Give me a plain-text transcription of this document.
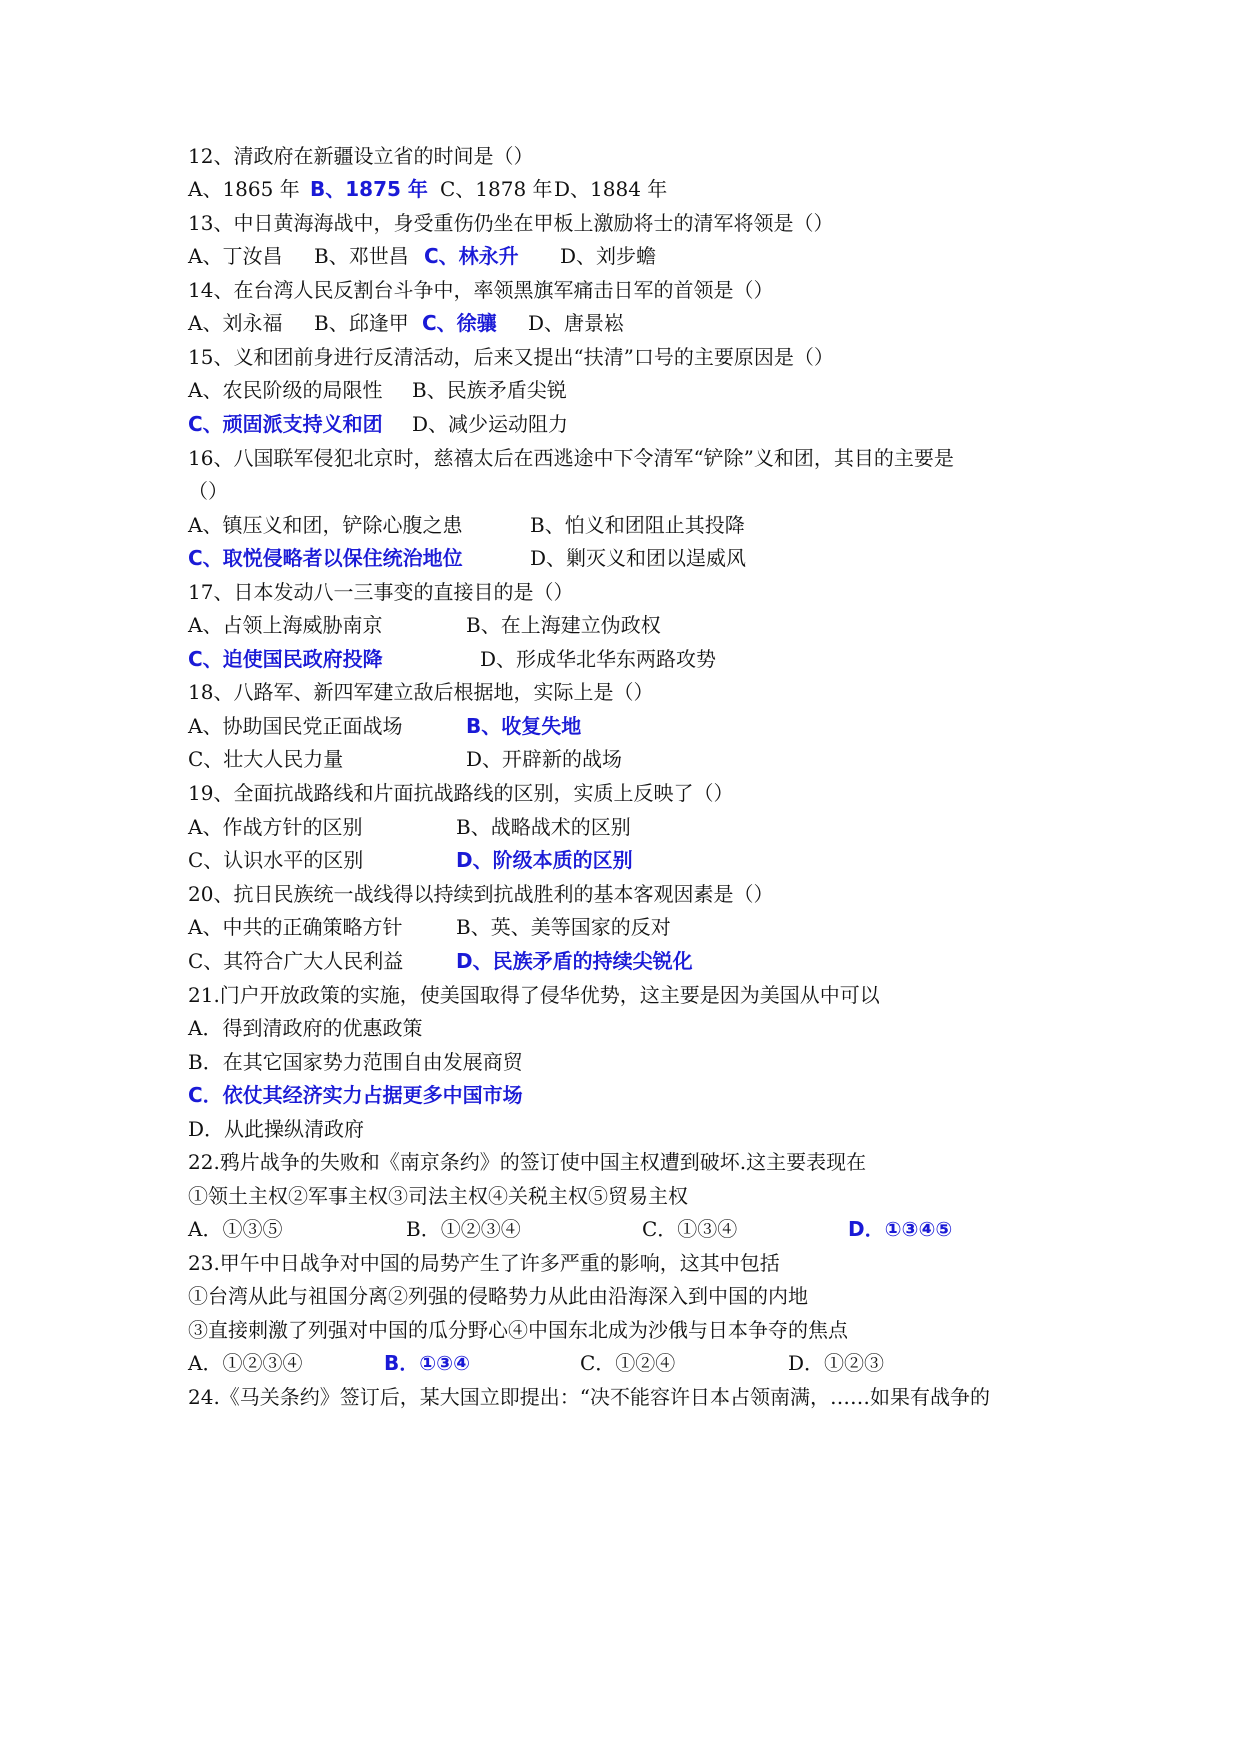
12、清政府在新疆设立省的时间是（）
A、1865 年 B、1875 年 C、1878 年 D、1884 年
13、中日黄海海战中，身受重伤仍坐在甲板上激励将士的清军将领是（）
A、丁汝昌 B、邓世昌 C、林永升 D、刘步蟾
14、在台湾人民反割台斗争中，率领黑旗军痛击日军的首领是（）
A、刘永福 B、邱逢甲 C、徐骧 D、唐景崧
15、义和团前身进行反清活动，后来又提出“扶清”口号的主要原因是（）
A、农民阶级的局限性 B、民族矛盾尖锐
C、顽固派支持义和团 D、减少运动阻力
16、八国联军侵犯北京时，慈禧太后在西逃途中下令清军“铲除”义和团，其目的主要是
（）
A、镇压义和团，铲除心腹之患	B、怕义和团阻止其投降
C、取悦侵略者以保住统治地位	D、剿灭义和团以逞威风
17、日本发动八一三事变的直接目的是（）
A、占领上海威胁南京	B、在上海建立伪政权
C、迫使国民政府投降	D、形成华北华东两路攻势
18、八路军、新四军建立敌后根据地，实际上是（）
A、协助国民党正面战场	B、收复失地
C、壮大人民力量	D、开辟新的战场
19、全面抗战路线和片面抗战路线的区别，实质上反映了（）
A、作战方针的区别	B、战略战术的区别
C、认识水平的区别	D、阶级本质的区别
20、抗日民族统一战线得以持续到抗战胜利的基本客观因素是（）
A、中共的正确策略方针	B、英、美等国家的反对
C、其符合广大人民利益	D、民族矛盾的持续尖锐化
21.门户开放政策的实施，使美国取得了侵华优势，这主要是因为美国从中可以
A．得到清政府的优惠政策
B．在其它国家势力范围自由发展商贸
C．依仗其经济实力占据更多中国市场
D．从此操纵清政府
22.鸦片战争的失败和《南京条约》的签订使中国主权遭到破坏.这主要表现在
①领土主权②军事主权③司法主权④关税主权⑤贸易主权
A．①③⑤	B．①②③④	C．①③④	D．①③④⑤
23.甲午中日战争对中国的局势产生了许多严重的影响，这其中包括
①台湾从此与祖国分离②列强的侵略势力从此由沿海深入到中国的内地
③直接刺激了列强对中国的瓜分野心④中国东北成为沙俄与日本争夺的焦点
A．①②③④	B．①③④	C．①②④	D．①②③
24.《马关条约》签订后，某大国立即提出：“决不能容许日本占领南满，……如果有战争的
